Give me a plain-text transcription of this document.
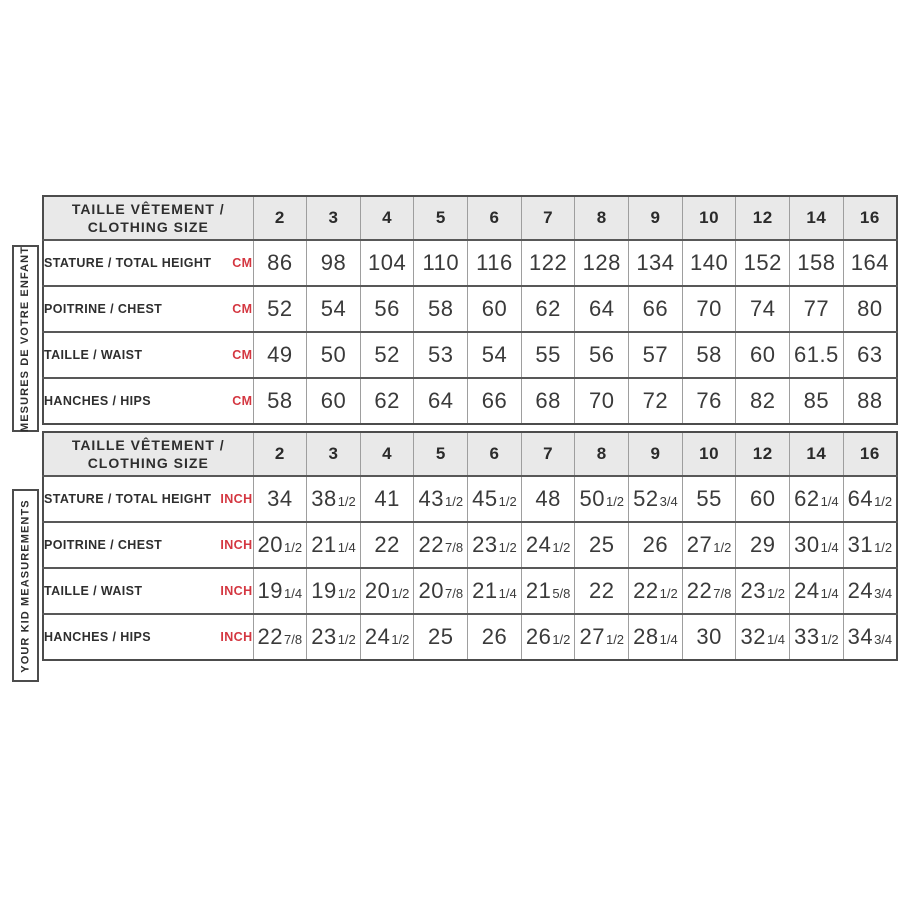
MESURES DE VOTRE ENFANT
YOUR KID MEASUREMENTS
TAILLE VÊTEMENT /
CLOTHING SIZE	2	3	4	5	6	7	8	9	10	12	14	16

STATURE / TOTAL HEIGHT CM	86	98	104	110	116	122	128	134	140	152	158	164

POITRINE / CHEST CM	52	54	56	58	60	62	64	66	70	74	77	80

TAILLE / WAIST CM	49	50	52	53	54	55	56	57	58	60	61.5	63

HANCHES / HIPS CM	58	60	62	64	66	68	70	72	76	82	85	88
TAILLE VÊTEMENT /
CLOTHING SIZE	2	3	4	5	6	7	8	9	10	12	14	16

STATURE / TOTAL HEIGHT INCH	34	381/2	41	431/2	451/2	48	501/2	523/4	55	60	621/4	641/2

POITRINE / CHEST INCH	201/2	211/4	22	227/8	231/2	241/2	25	26	271/2	29	301/4	311/2

TAILLE / WAIST INCH	191/4	191/2	201/2	207/8	211/4	215/8	22	221/2	227/8	231/2	241/4	243/4

HANCHES / HIPS INCH	227/8	231/2	241/2	25	26	261/2	271/2	281/4	30	321/4	331/2	343/4
